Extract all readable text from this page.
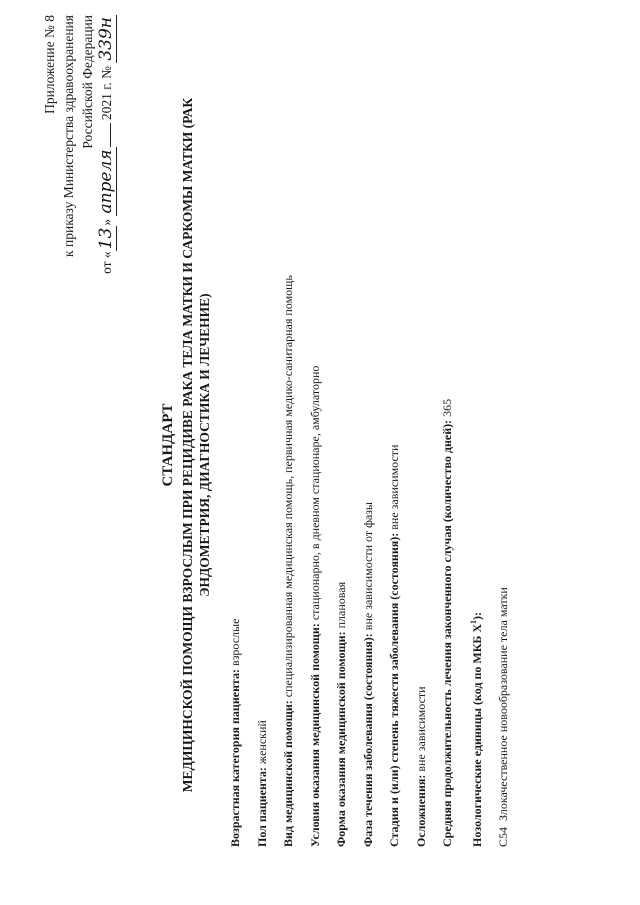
Приложение № 8 к приказу Министерства здравоохранения Российской Федерации
от «13» апреля 2021 г. № 339н
СТАНДАРТ МЕДИЦИНСКОЙ ПОМОЩИ ВЗРОСЛЫМ ПРИ РЕЦИДИВЕ РАКА ТЕЛА МАТКИ И САРКОМЫ МАТКИ (РАК ЭНДОМЕТРИЯ, ДИАГНОСТИКА И ЛЕЧЕНИЕ)
Возрастная категория пациента: взрослые
Пол пациента: женский	Вид медицинской помощи: специализированная медицинская помощь, первичная медико-санитарная помощь
Условия оказания медицинской помощи: стационарно, в дневном стационаре, амбулаторно
Форма оказания медицинской помощи: плановая
Фаза течения заболевания (состояния): вне зависимости от фазы	Стадия и (или) степень тяжести заболевания (состояния): вне зависимости
Осложнения: вне зависимости	Средняя продолжительность лечения законченного случая (количество дней): 365
Нозологические единицы (код по МКБ $X^1$):
C54  Злокачественное новообразование тела матки
